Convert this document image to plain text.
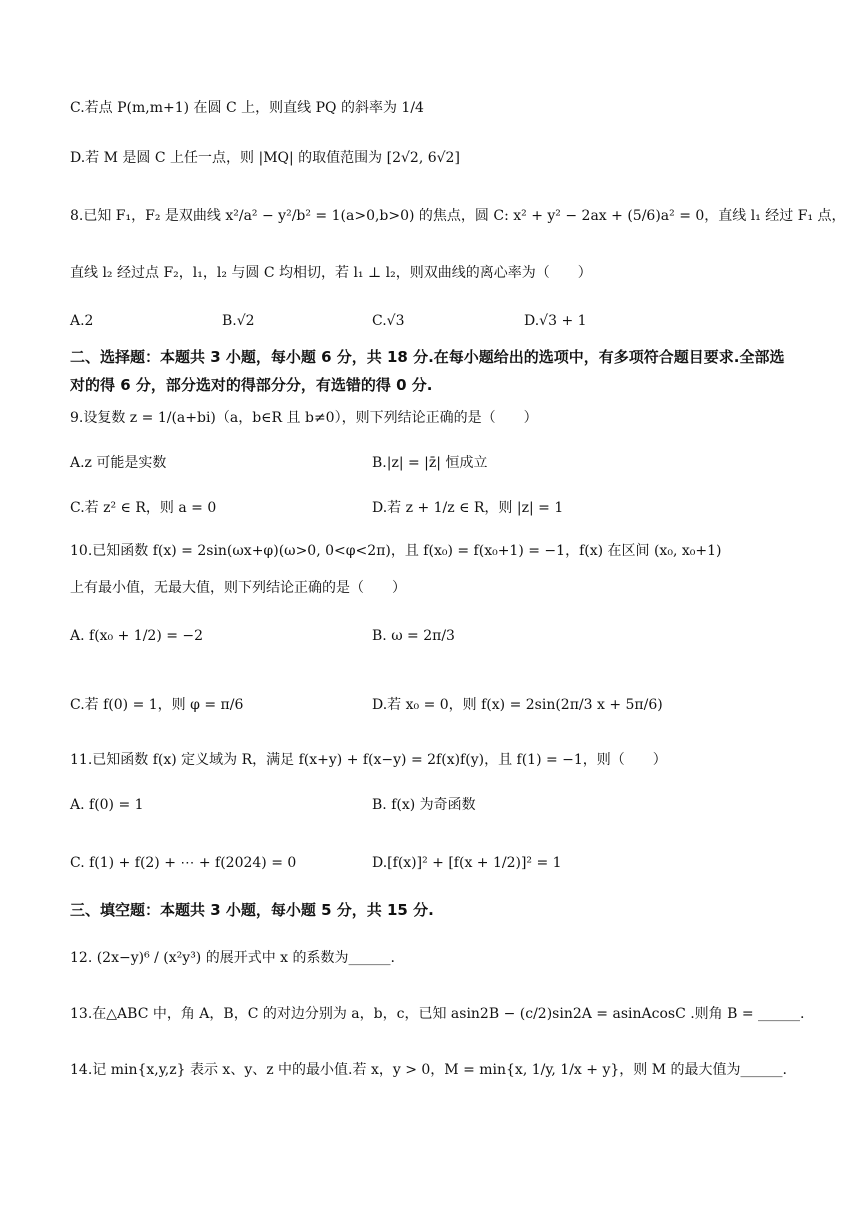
C.若点 P(m,m+1) 在圆 C 上，则直线 PQ 的斜率为 1/4
D.若 M 是圆 C 上任一点，则 |MQ| 的取值范围为 [2√2, 6√2]
8.已知 F₁，F₂ 是双曲线 x²/a² − y²/b² = 1(a>0,b>0) 的焦点，圆 C: x² + y² − 2ax + (5/6)a² = 0，直线 l₁ 经过 F₁ 点，
直线 l₂ 经过点 F₂，l₁，l₂ 与圆 C 均相切，若 l₁ ⊥ l₂，则双曲线的离心率为（　　）
A.2	B.√2	C.√3	D.√3 + 1
二、选择题：本题共 3 小题，每小题 6 分，共 18 分.在每小题给出的选项中，有多项符合题目要求.全部选对的得 6 分，部分选对的得部分分，有选错的得 0 分.
9.设复数 z = 1/(a+bi)（a，b∈R 且 b≠0），则下列结论正确的是（　　）
A.z 可能是实数	B.|z| = |z̄| 恒成立
C.若 z² ∈ R，则 a = 0	D.若 z + 1/z ∈ R，则 |z| = 1
10.已知函数 f(x) = 2sin(ωx+φ)(ω>0, 0<φ<2π)，且 f(x₀) = f(x₀+1) = −1，f(x) 在区间 (x₀, x₀+1)
上有最小值，无最大值，则下列结论正确的是（　　）
A. f(x₀ + 1/2) = −2	B. ω = 2π/3
C.若 f(0) = 1，则 φ = π/6	D.若 x₀ = 0，则 f(x) = 2sin(2π/3 x + 5π/6)
11.已知函数 f(x) 定义域为 R，满足 f(x+y) + f(x−y) = 2f(x)f(y)，且 f(1) = −1，则（　　）
A. f(0) = 1	B. f(x) 为奇函数
C. f(1) + f(2) + ⋯ + f(2024) = 0	D.[f(x)]² + [f(x + 1/2)]² = 1
三、填空题：本题共 3 小题，每小题 5 分，共 15 分.
12. (2x−y)⁶ / (x²y³) 的展开式中 x 的系数为______.
13.在△ABC 中，角 A，B，C 的对边分别为 a，b，c，已知 asin2B − (c/2)sin2A = asinAcosC .则角 B = ______.
14.记 min{x,y,z} 表示 x、y、z 中的最小值.若 x，y > 0，M = min{x, 1/y, 1/x + y}，则 M 的最大值为______.
